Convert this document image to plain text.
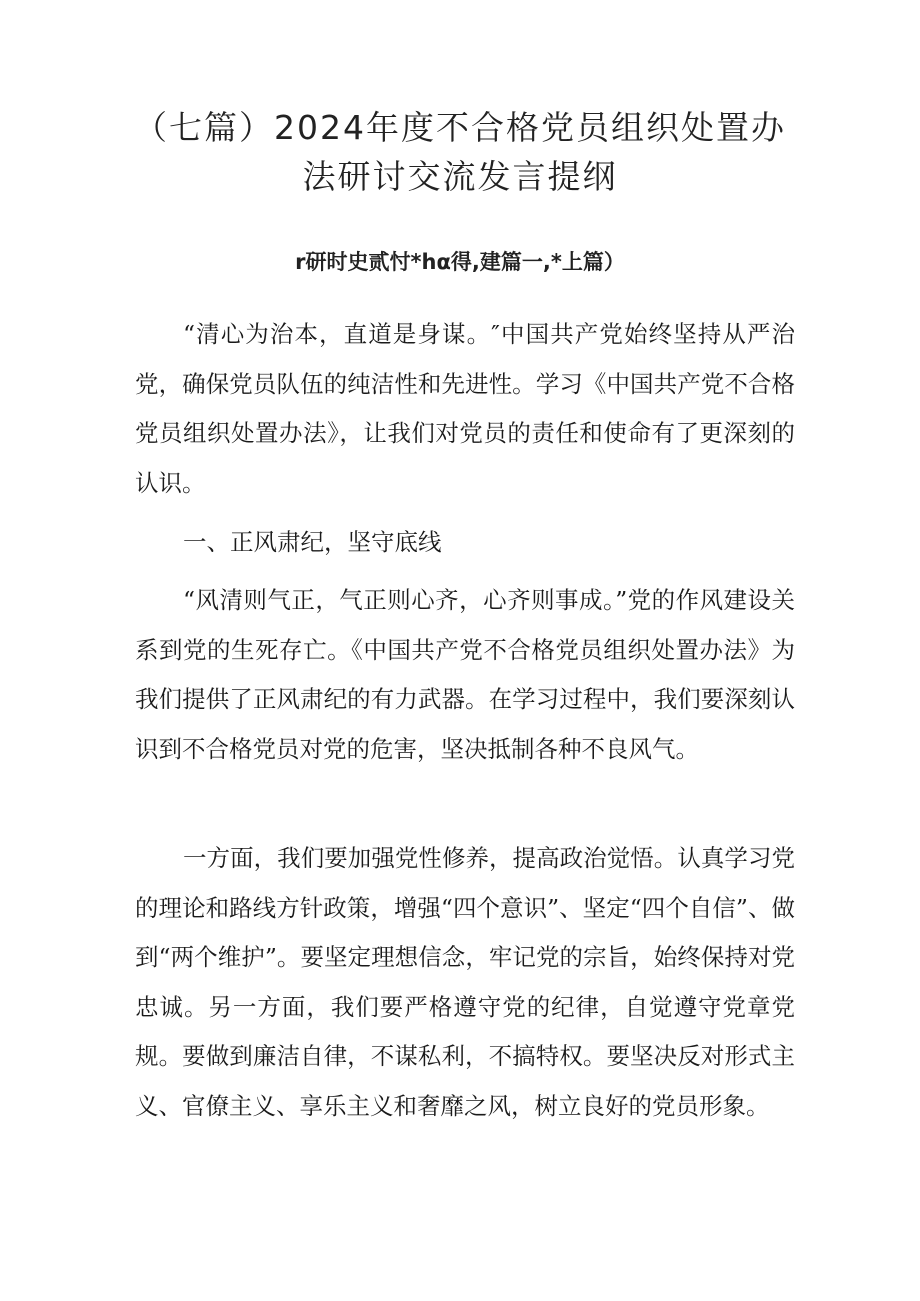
（七篇）2024年度不合格党员组织处置办
法研讨交流发言提纲
r研时史贰忖*hα得,建篇一,*上篇）

“清心为治本，直道是身谋。″中国共产党始终坚持从严治党，确保党员队伍的纯洁性和先进性。学习《中国共产党不合格党员组织处置办法》，让我们对党员的责任和使命有了更深刻的认识。

一、正风肃纪，坚守底线

“风清则气正，气正则心齐，心齐则事成。”党的作风建设关系到党的生死存亡。《中国共产党不合格党员组织处置办法》为我们提供了正风肃纪的有力武器。在学习过程中，我们要深刻认识到不合格党员对党的危害，坚决抵制各种不良风气。

一方面，我们要加强党性修养，提高政治觉悟。认真学习党的理论和路线方针政策，增强“四个意识”、坚定“四个自信”、做到“两个维护”。要坚定理想信念，牢记党的宗旨，始终保持对党忠诚。另一方面，我们要严格遵守党的纪律，自觉遵守党章党规。要做到廉洁自律，不谋私利，不搞特权。要坚决反对形式主义、官僚主义、享乐主义和奢靡之风，树立良好的党员形象。
